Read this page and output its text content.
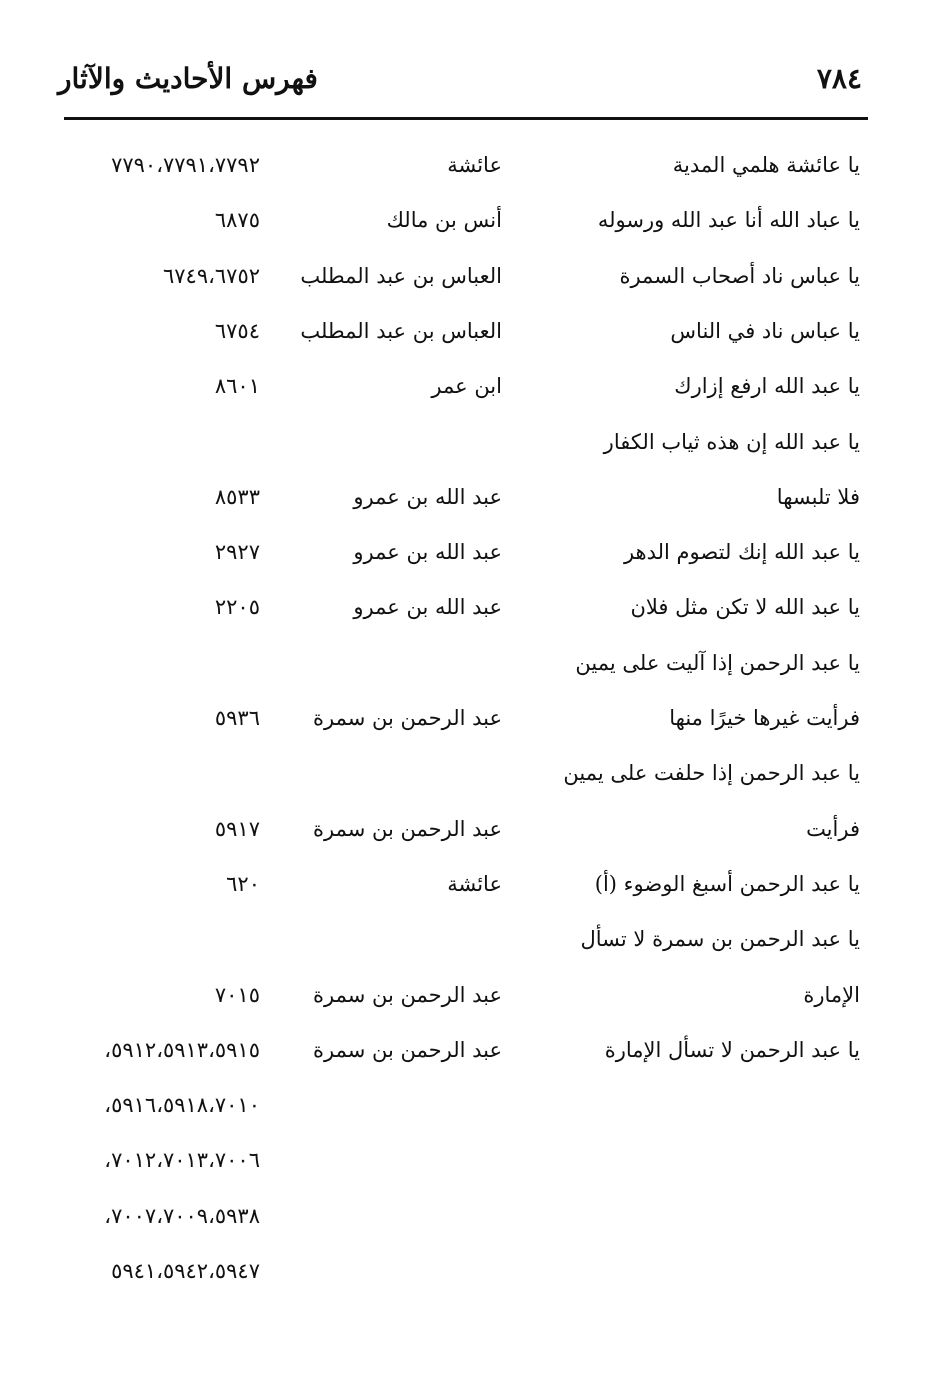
فهرس الأحاديث والآثار	٧٨٤
يا عائشة هلمي المدية
عائشة
٧٧٩٠،٧٧٩١،٧٧٩٢
يا عباد الله أنا عبد الله ورسوله
أنس بن مالك
٦٨٧٥
يا عباس ناد أصحاب السمرة
العباس بن عبد المطلب
٦٧٤٩،٦٧٥٢
يا عباس ناد في الناس
العباس بن عبد المطلب
٦٧٥٤
يا عبد الله ارفع إزارك
ابن عمر
٨٦٠١
يا عبد الله إن هذه ثياب الكفار
فلا تلبسها
عبد الله بن عمرو
٨٥٣٣
يا عبد الله إنك لتصوم الدهر
عبد الله بن عمرو
٢٩٢٧
يا عبد الله لا تكن مثل فلان
عبد الله بن عمرو
٢٢٠٥
يا عبد الرحمن إذا آليت على يمين
فرأيت غيرها خيرًا منها
عبد الرحمن بن سمرة
٥٩٣٦
يا عبد الرحمن إذا حلفت على يمين
فرأيت
عبد الرحمن بن سمرة
٥٩١٧
يا عبد الرحمن أسبغ الوضوء (أ)
عائشة
٦٢٠
يا عبد الرحمن بن سمرة لا تسأل
الإمارة
عبد الرحمن بن سمرة
٧٠١٥
يا عبد الرحمن لا تسأل الإمارة
عبد الرحمن بن سمرة
٥٩١٢،٥٩١٣،٥٩١٥،
٥٩١٦،٥٩١٨،٧٠١٠،
٧٠١٢،٧٠١٣،٧٠٠٦،
٧٠٠٧،٧٠٠٩،٥٩٣٨،
٥٩٤١،٥٩٤٢،٥٩٤٧
